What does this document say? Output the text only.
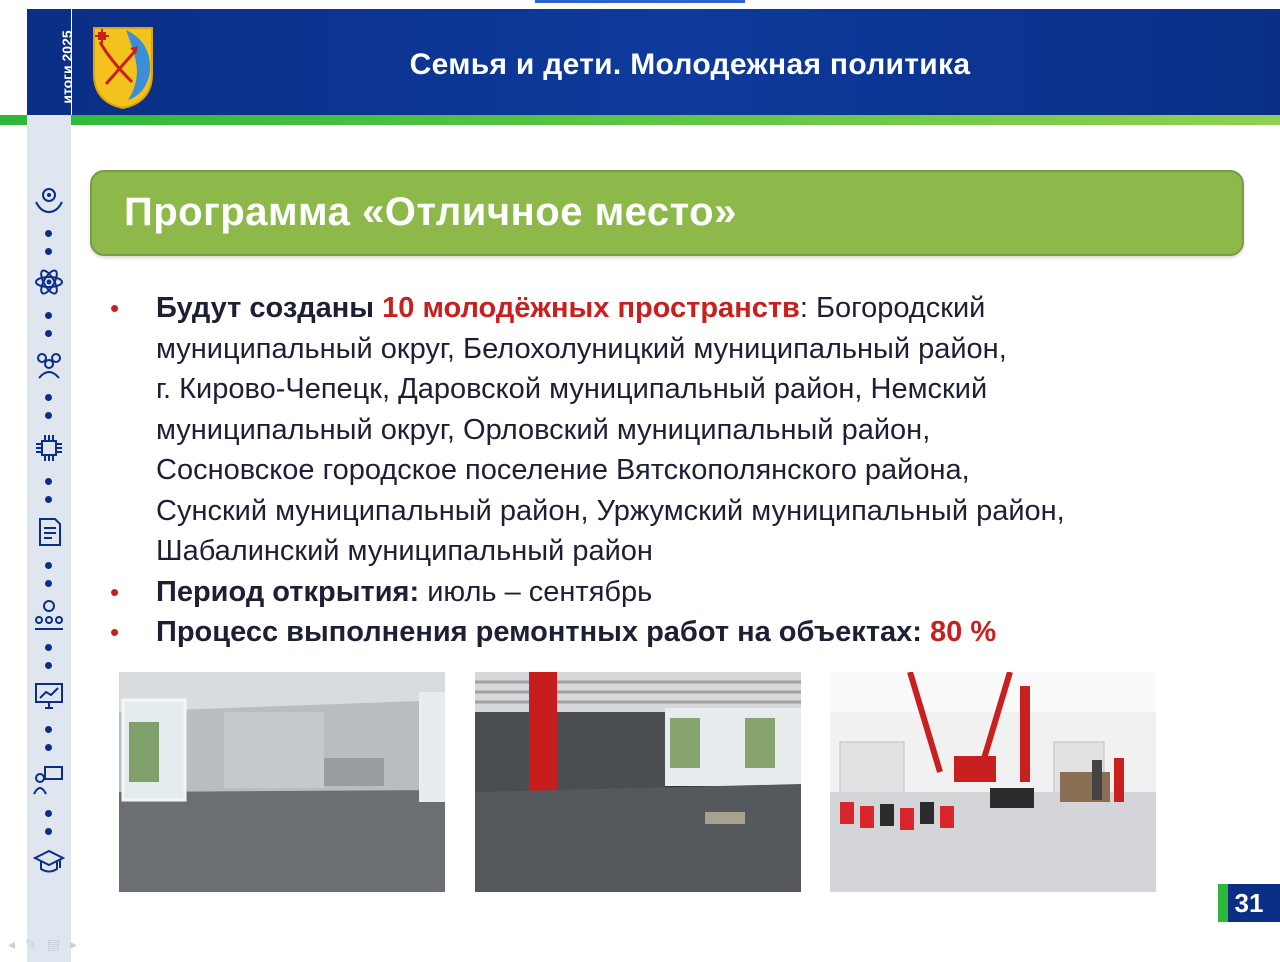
итоги 2025	Семья и дети. Молодежная политика
Программа «Отличное место»
• Будут созданы 10 молодёжных пространств: Богородский
муниципальный округ, Белохолуницкий муниципальный район,
г. Кирово-Чепецк, Даровской муниципальный район, Немский
муниципальный округ, Орловский муниципальный район,
Сосновское городское поселение Вятскополянского района,
Сунский муниципальный район, Уржумский муниципальный район,
Шабалинский муниципальный район
• Период открытия: июль – сентябрь
• Процесс выполнения ремонтных работ на объектах: 80 %
31
◂✎▤▸
